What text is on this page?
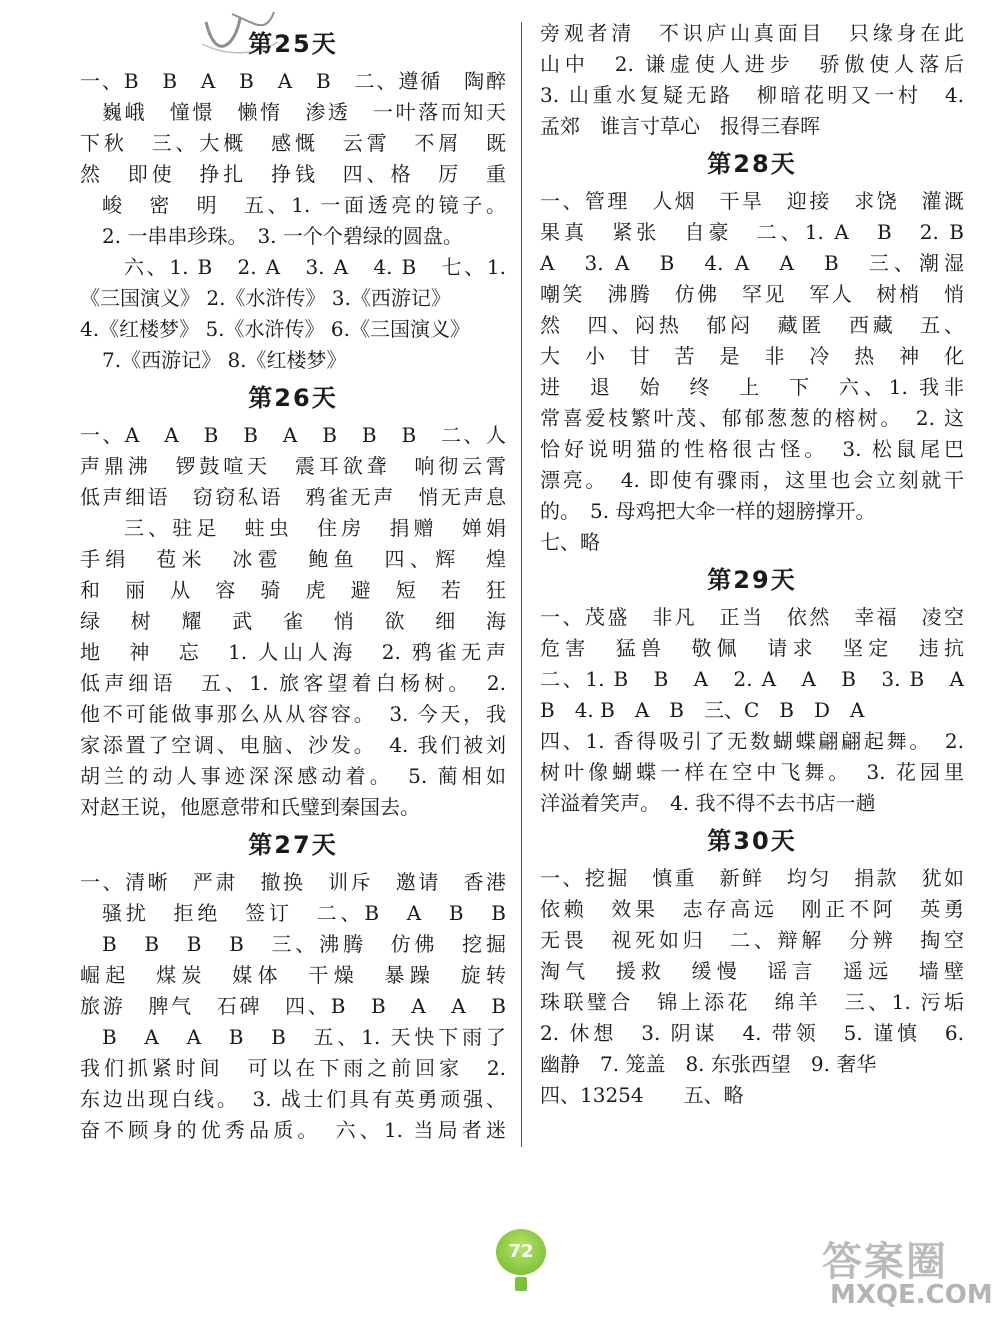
第25天
一、B　B　A　B　A　B　二、遵循　陶醉
巍峨　憧憬　懒惰　渗透　一叶落而知天
下秋　三、大概　感慨　云霄　不屑　既
然　即使　挣扎　挣钱　四、格　厉　重
峻　密　明　五、1. 一面透亮的镜子。
2. 一串串珍珠。　3. 一个个碧绿的圆盘。
六、1. B　2. A　3. A　4. B　七、1.
《三国演义》 2.《水浒传》 3.《西游记》
4.《红楼梦》 5.《水浒传》 6.《三国演义》
7.《西游记》 8.《红楼梦》
第26天
一、A　A　B　B　A　B　B　B　二、人
声鼎沸　锣鼓喧天　震耳欲聋　响彻云霄
低声细语　窃窃私语　鸦雀无声　悄无声息
三、驻足　蛀虫　住房　捐赠　婵娟
手绢　苞米　冰雹　鲍鱼　四、辉　煌
和　丽　从　容　骑　虎　避　短　若　狂
绿　树　耀　武　雀　悄　欲　细　海
地　神　忘　1. 人山人海　2. 鸦雀无声
低声细语　五、1. 旅客望着白杨树。　2.
他不可能做事那么从从容容。　3. 今天，我
家添置了空调、电脑、沙发。　4. 我们被刘
胡兰的动人事迹深深感动着。　5. 蔺相如
对赵王说，他愿意带和氏璧到秦国去。
第27天
一、清晰　严肃　撤换　训斥　邀请　香港
骚扰　拒绝　签订　二、B　A　B　B
B　B　B　B　三、沸腾　仿佛　挖掘
崛起　煤炭　媒体　干燥　暴躁　旋转
旅游　脾气　石碑　四、B　B　A　A　B
B　A　A　B　B　五、1. 天快下雨了
我们抓紧时间　可以在下雨之前回家　2.
东边出现白线。　3. 战士们具有英勇顽强、
奋不顾身的优秀品质。　六、1. 当局者迷
旁观者清　不识庐山真面目　只缘身在此
山中　2. 谦虚使人进步　骄傲使人落后
3. 山重水复疑无路　柳暗花明又一村　4.
孟郊　谁言寸草心　报得三春晖
第28天
一、管理　人烟　干旱　迎接　求饶　灌溉
果真　紧张　自豪　二、1. A　B　2. B
A　3. A　B　4. A　A　B　三、潮湿
嘲笑　沸腾　仿佛　罕见　军人　树梢　悄
然　四、闷热　郁闷　藏匿　西藏　五、
大　小　甘　苦　是　非　冷　热　神　化
进　退　始　终　上　下　六、1. 我非
常喜爱枝繁叶茂、郁郁葱葱的榕树。　2. 这
恰好说明猫的性格很古怪。　3. 松鼠尾巴
漂亮。　4. 即使有骤雨，这里也会立刻就干
的。　5. 母鸡把大伞一样的翅膀撑开。
七、略
第29天
一、茂盛　非凡　正当　依然　幸福　凌空
危害　猛兽　敬佩　请求　坚定　违抗
二、1. B　B　A　2. A　A　B　3. B　A
B　4. B　A　B　三、C　B　D　A
四、1. 香得吸引了无数蝴蝶翩翩起舞。　2.
树叶像蝴蝶一样在空中飞舞。　3. 花园里
洋溢着笑声。　4. 我不得不去书店一趟
第30天
一、挖掘　慎重　新鲜　均匀　捐款　犹如
依赖　效果　志存高远　刚正不阿　英勇
无畏　视死如归　二、辩解　分辨　掏空
淘气　援救　缓慢　谣言　遥远　墙壁
珠联璧合　锦上添花　绵羊　三、1. 污垢
2. 休想　3. 阴谋　4. 带领　5. 谨慎　6.
幽静　7. 笼盖　8. 东张西望　9. 奢华
四、13254　　五、略
72	答案圈
MXQE.COM
